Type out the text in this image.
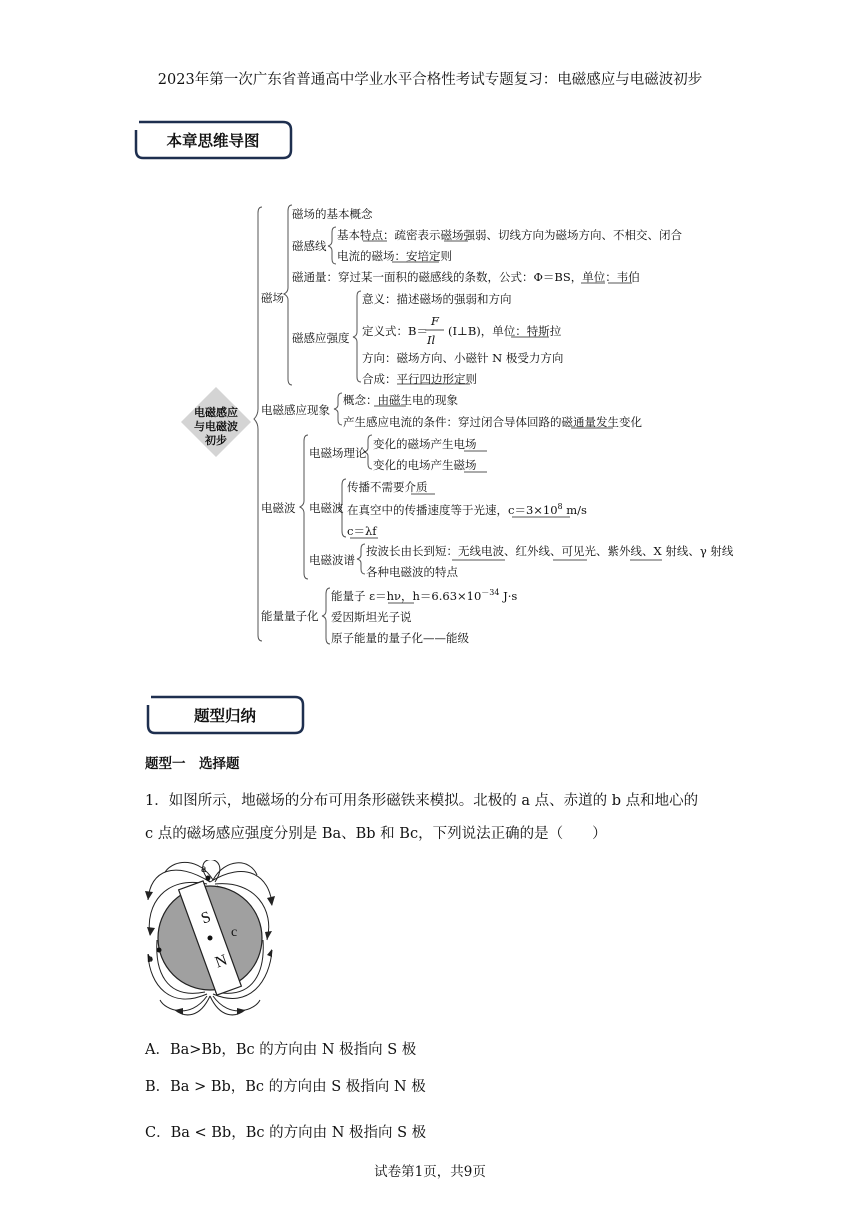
2023年第一次广东省普通高中学业水平合格性考试专题复习：电磁感应与电磁波初步
本章思维导图
磁场
磁场的基本概念
磁感线
基本特点：疏密表示磁场强弱、切线方向为磁场方向、不相交、闭合
电流的磁场：安培定则
磁通量：穿过某一面积的磁感线的条数，公式：Φ＝BS，单位：韦伯
磁感应强度
意义：描述磁场的强弱和方向
定义式：B＝
F
Il
(I⊥B)，单位：特斯拉
方向：磁场方向、小磁针 N 极受力方向
合成：平行四边形定则
电磁感应现象
概念：由磁生电的现象
产生感应电流的条件：穿过闭合导体回路的磁通量发生变化
电磁波
电磁场理论
变化的磁场产生电场
变化的电场产生磁场
电磁波
传播不需要介质
在真空中的传播速度等于光速，$c=3\times 10^8$ m/s
c＝λf
电磁波谱
按波长由长到短：无线电波、红外线、可见光、紫外线、X 射线、γ 射线
各种电磁波的特点
能量量子化
能量子 ε＝hν，$h=6.63\times 10^{-34}$ J·s
爱因斯坦光子说
原子能量的量子化——能级
电磁感应
与电磁波
初步
题型归纳
题型一　选择题
1．如图所示，地磁场的分布可用条形磁铁来模拟。北极的 a 点、赤道的 b 点和地心的
c 点的磁场感应强度分别是 Ba、Bb 和 Bc，下列说法正确的是（　　）
a
b
c
S
N
A．Ba>Bb，Bc 的方向由 N 极指向 S 极
B．Ba > Bb，Bc 的方向由 S 极指向 N 极
C．Ba < Bb，Bc 的方向由 N 极指向 S 极
试卷第1页，共9页
